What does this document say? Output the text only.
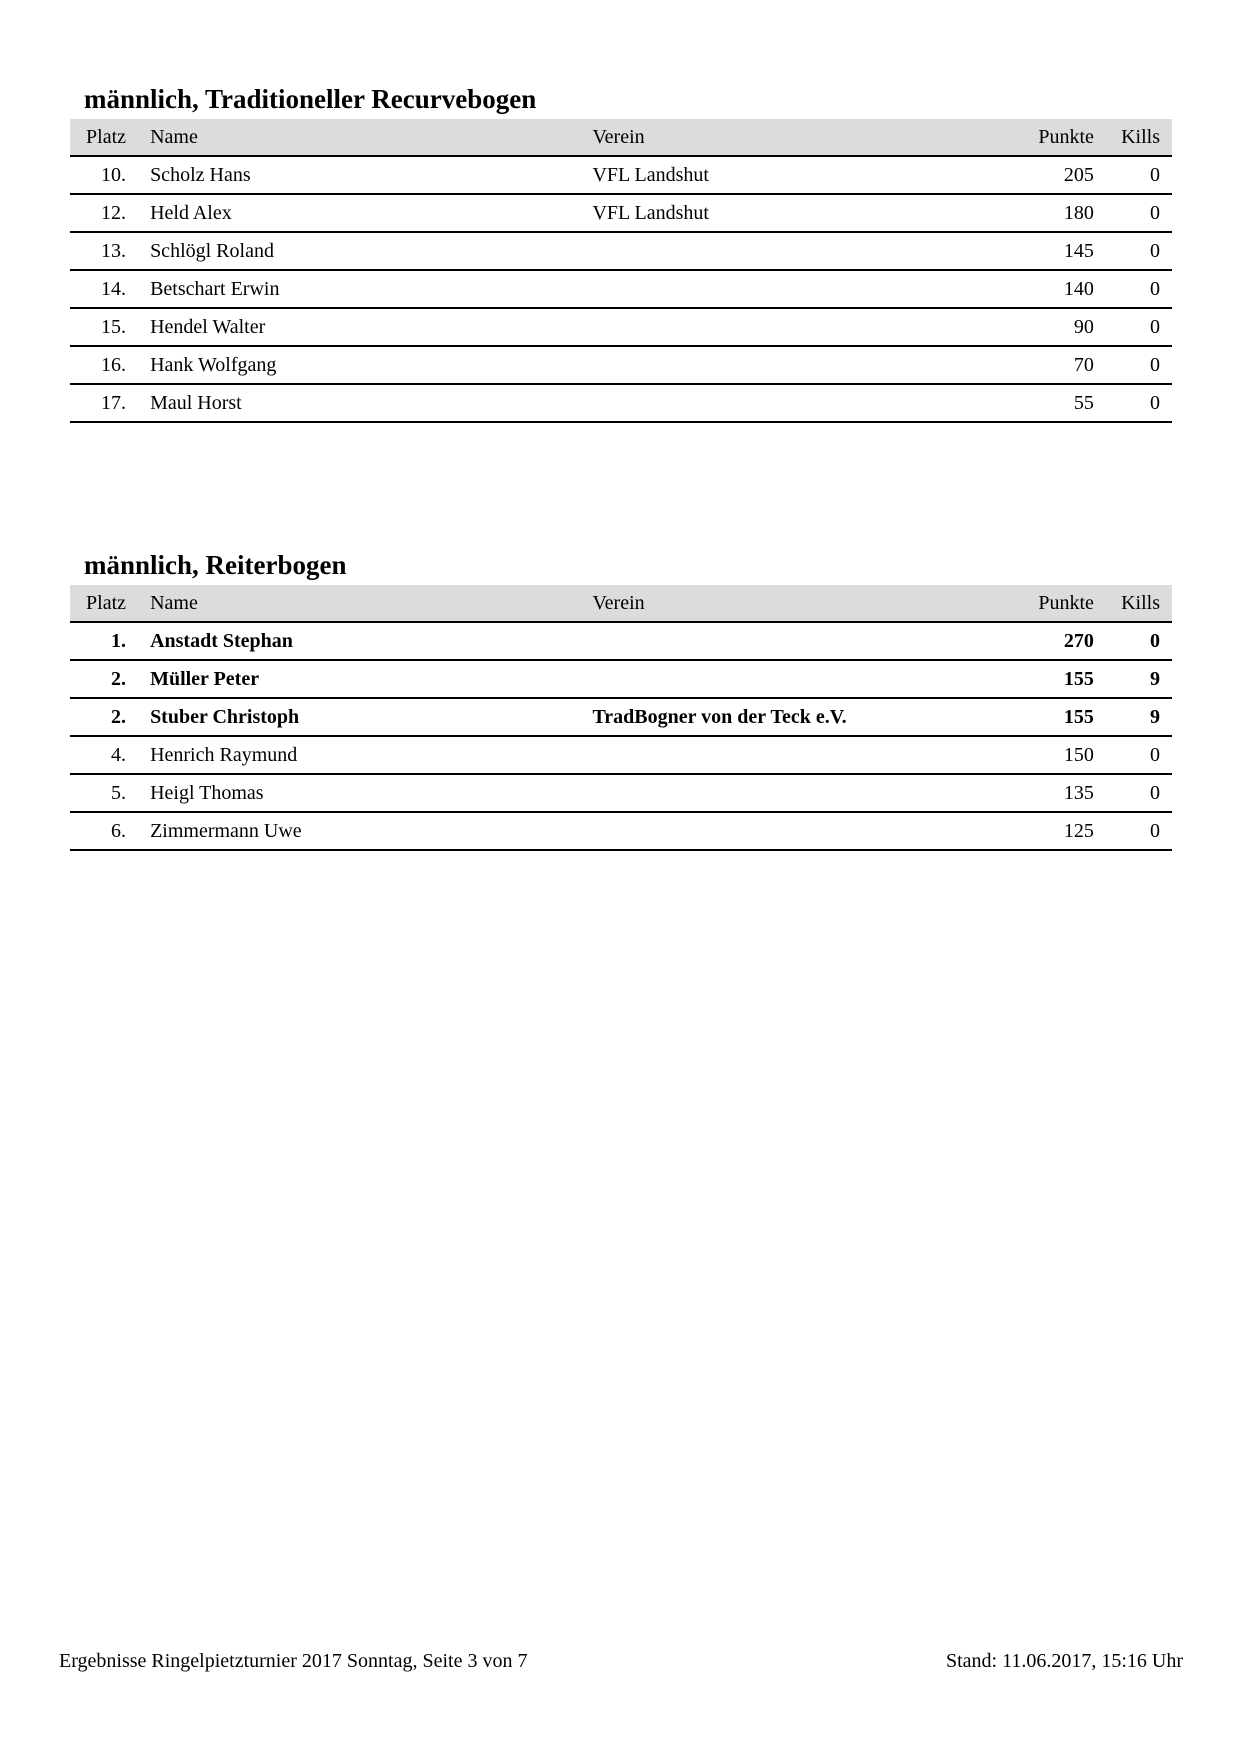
männlich, Traditioneller Recurvebogen
Platz		Name	Verein	Punkte		Kills
10.		Scholz Hans	VFL Landshut	205		0
12.		Held Alex	VFL Landshut	180		0
13.		Schlögl Roland		145		0
14.		Betschart Erwin		140		0
15.		Hendel Walter		90		0
16.		Hank Wolfgang		70		0
17.		Maul Horst		55		0
männlich, Reiterbogen
Platz		Name	Verein	Punkte		Kills
1.		Anstadt Stephan		270		0
2.		Müller Peter		155		9
2.		Stuber Christoph	TradBogner von der Teck e.V.	155		9
4.		Henrich Raymund		150		0
5.		Heigl Thomas		135		0
6.		Zimmermann Uwe		125		0
Ergebnisse Ringelpietzturnier 2017 Sonntag, Seite 3 von 7	Stand: 11.06.2017, 15:16 Uhr
